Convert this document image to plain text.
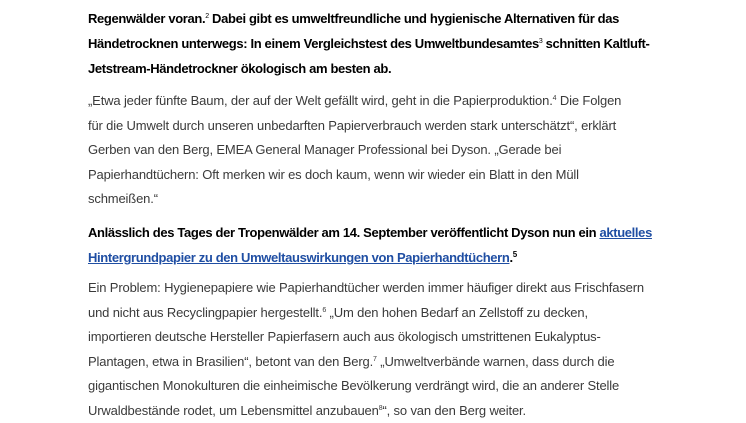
Regenwälder voran.$^2$ Dabei gibt es umweltfreundliche und hygienische Alternativen für das
Händetrocknen unterwegs: In einem Vergleichstest des Umweltbundesamtes$^3$ schnitten Kaltluft-
Jetstream-Händetrockner ökologisch am besten ab.

„Etwa jeder fünfte Baum, der auf der Welt gefällt wird, geht in die Papierproduktion.$^4$ Die Folgen
für die Umwelt durch unseren unbedarften Papierverbrauch werden stark unterschätzt“, erklärt
Gerben van den Berg, EMEA General Manager Professional bei Dyson. „Gerade bei
Papierhandtüchern: Oft merken wir es doch kaum, wenn wir wieder ein Blatt in den Müll
schmeißen.“

Anlässlich des Tages der Tropenwälder am 14. September veröffentlicht Dyson nun ein aktuelles
Hintergrundpapier zu den Umweltauswirkungen von Papierhandtüchern.$^5$

Ein Problem: Hygienepapiere wie Papierhandtücher werden immer häufiger direkt aus Frischfasern
und nicht aus Recyclingpapier hergestellt.$^6$ „Um den hohen Bedarf an Zellstoff zu decken,
importieren deutsche Hersteller Papierfasern auch aus ökologisch umstrittenen Eukalyptus-
Plantagen, etwa in Brasilien“, betont van den Berg.$^7$ „Umweltverbände warnen, dass durch die
gigantischen Monokulturen die einheimische Bevölkerung verdrängt wird, die an anderer Stelle
Urwaldbestände rodet, um Lebensmittel anzubauen$^8$“, so van den Berg weiter.
